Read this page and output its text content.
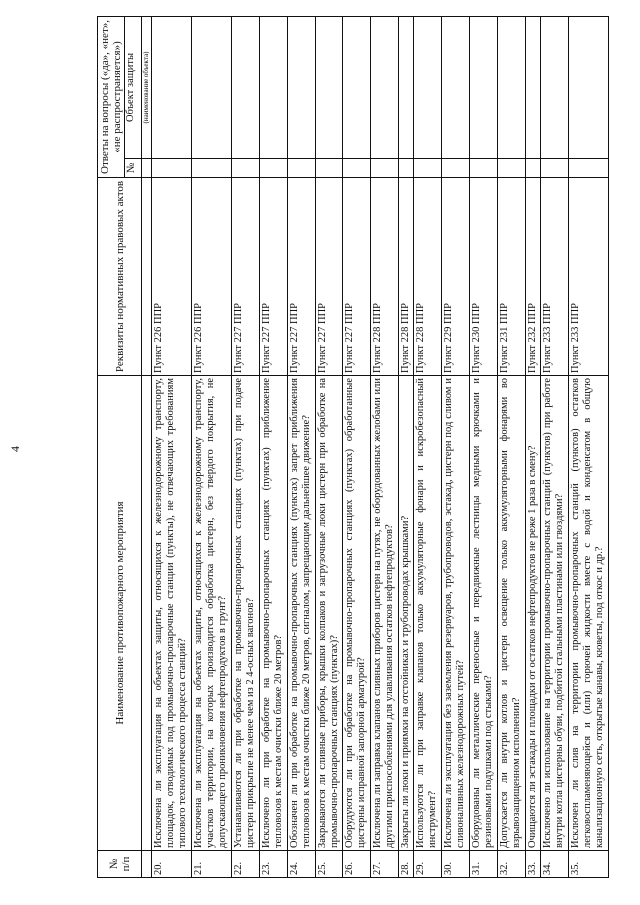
4
№ п/п	Наименование противопожарного мероприятия	Реквизиты нормативных правовых актов	Ответы на вопросы («да», «нет», «не распространяется»)
№
Объект защиты

			(наименование объекта)

20.	Исключена ли эксплуатация на объектах защиты, относящихся к железнодорожному транспорту, площадок, отводимых под промывочно-пропарочные станции (пункты), не отвечающих требованиям типового технологического процесса станций?	Пункт 226 ППР	

21.	Исключена ли эксплуатация на объектах защиты, относящихся к железнодорожному транспорту, участков территории, на которых производится обработка цистерн, без твердого покрытия, не допускающего проникновения нефтепродуктов в грунт?	Пункт 226 ППР	

22.	Устанавливаются ли при обработке на промывочно-пропарочных станциях (пунктах) при подаче цистерн прикрытие не менее чем из 2 4-осных вагонов?	Пункт 227 ППР	

23.	Исключено ли при обработке на промывочно-пропарочных станциях (пунктах) приближение тепловозов к местам очистки ближе 20 метров?	Пункт 227 ППР	

24.	Обозначен ли при обработке на промывочно-пропарочных станциях (пунктах) запрет приближения тепловозов к местам очистки ближе 20 метров, сигналом, запрещающим дальнейшее движение?	Пункт 227 ППР	

25.	Закрываются ли сливные приборы, крышки колпаков и загрузочные люки цистерн при обработке на промывочно-пропарочных станциях (пунктах)?	Пункт 227 ППР	

26.	Оборудуются ли при обработке на промывочно-пропарочных станциях (пунктах) обработанные цистерны исправной запорной арматурой?	Пункт 227 ППР	

27.	Исключена ли заправка клапанов сливных приборов цистерн на путях, не оборудованных желобами или другими приспособлениями для улавливания остатков нефтепродуктов?	Пункт 228 ППР	

28.	Закрыты ли люки и приямки на отстойниках и трубопроводах крышками?	Пункт 228 ППР	

29.	Используются ли при заправке клапанов только аккумуляторные фонари и искробезопасный инструмент?	Пункт 228 ППР	

30.	Исключена ли эксплуатация без заземления резервуаров, трубопроводов, эстакад, цистерн под сливом и сливоналивных железнодорожных путей?	Пункт 229 ППР	

31.	Оборудованы ли металлические переносные и передвижные лестницы медными крючками и резиновыми подушками под стыками?	Пункт 230 ППР	

32.	Допускается ли внутри котлов и цистерн освещение только аккумуляторными фонарями во взрывозащищенном исполнении?	Пункт 231 ППР	

33.	Очищаются ли эстакады и площадки от остатков нефтепродуктов не реже 1 раза в смену?	Пункт 232 ППР	

34.	Исключено ли использование на территории промывочно-пропарочных станций (пунктов) при работе внутри котла цистерны обуви, подбитой стальными пластинами или гвоздями?	Пункт 233 ППР	

35.	Исключен ли слив на территории промывочно-пропарочных станций (пунктов) остатков легковоспламеняющейся и (или) горючей жидкости вместе с водой и конденсатом в общую канализационную сеть, открытые канавы, кюветы, под откос и др.?	Пункт 233 ППР	
